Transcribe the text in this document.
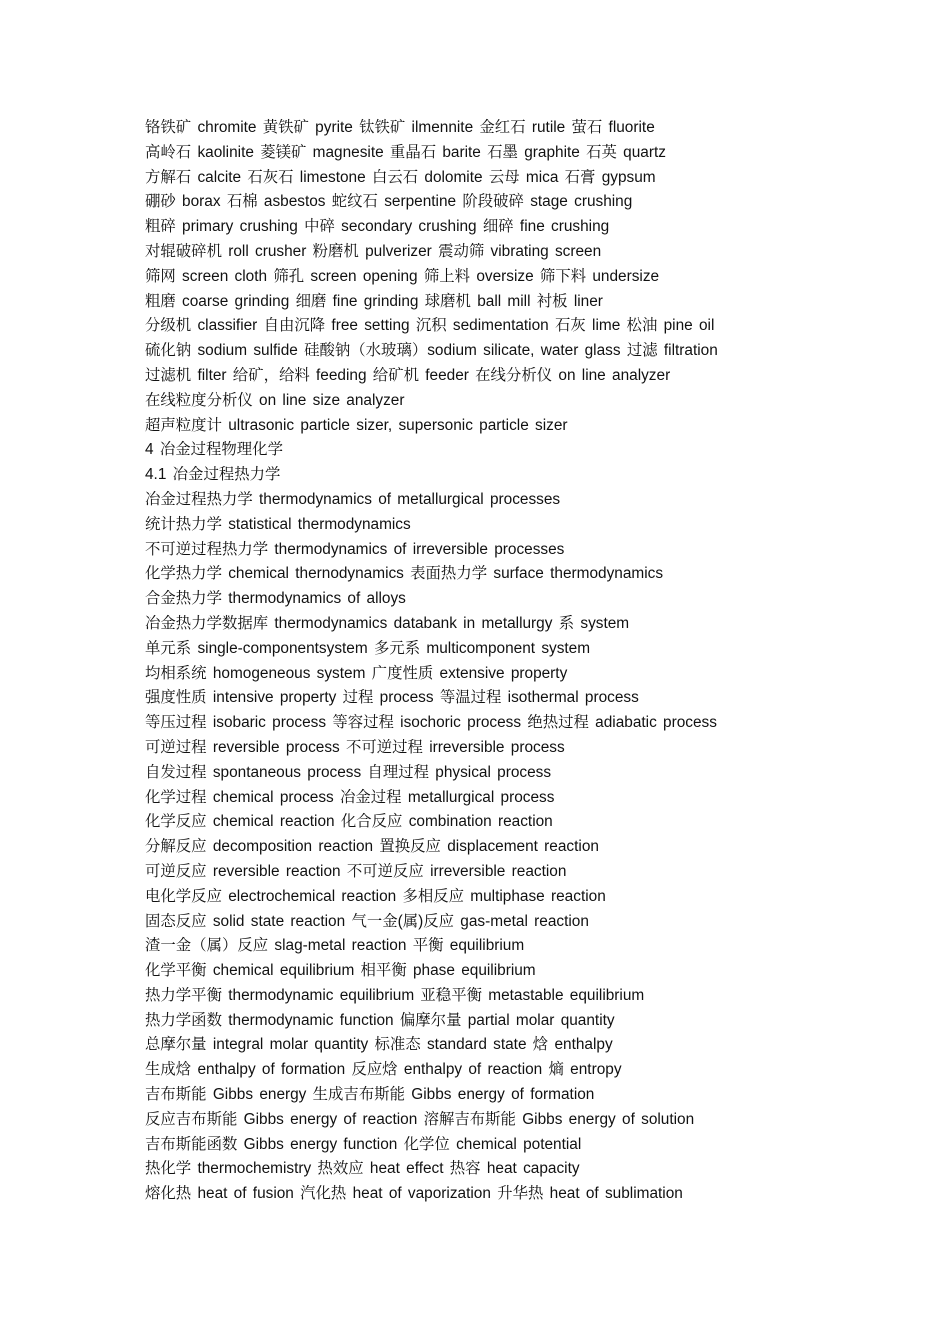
铬铁矿 chromite 黄铁矿 pyrite 钛铁矿 ilmennite 金红石 rutile 萤石 fluorite
高岭石 kaolinite 菱镁矿 magnesite 重晶石 barite 石墨 graphite 石英 quartz
方解石 calcite 石灰石 limestone 白云石 dolomite 云母 mica 石膏 gypsum
硼砂 borax 石棉 asbestos 蛇纹石 serpentine 阶段破碎 stage crushing
粗碎 primary crushing 中碎 secondary crushing 细碎 fine crushing
对辊破碎机 roll crusher 粉磨机 pulverizer 震动筛 vibrating screen
筛网 screen cloth 筛孔 screen opening 筛上料 oversize 筛下料 undersize
粗磨 coarse grinding 细磨 fine grinding 球磨机 ball mill 衬板 liner
分级机 classifier 自由沉降 free setting 沉积 sedimentation 石灰 lime 松油 pine oil
硫化钠 sodium sulfide 硅酸钠（水玻璃）sodium silicate, water glass 过滤 filtration
过滤机 filter 给矿，给料 feeding 给矿机 feeder 在线分析仪 on line analyzer
在线粒度分析仪 on line size analyzer
超声粒度计 ultrasonic particle sizer, supersonic particle sizer
4 冶金过程物理化学
4.1 冶金过程热力学
冶金过程热力学 thermodynamics of metallurgical processes
统计热力学 statistical thermodynamics
不可逆过程热力学 thermodynamics of irreversible processes
化学热力学 chemical thernodynamics 表面热力学 surface thermodynamics
合金热力学 thermodynamics of alloys
冶金热力学数据库 thermodynamics databank in metallurgy 系 system
单元系 single-componentsystem 多元系 multicomponent system
均相系统 homogeneous system 广度性质 extensive property
强度性质 intensive property 过程 process 等温过程 isothermal process
等压过程 isobaric process 等容过程 isochoric process 绝热过程 adiabatic process
可逆过程 reversible process 不可逆过程 irreversible process
自发过程 spontaneous process 自理过程 physical process
化学过程 chemical process 冶金过程 metallurgical process
化学反应 chemical reaction 化合反应 combination reaction
分解反应 decomposition reaction 置换反应 displacement reaction
可逆反应 reversible reaction 不可逆反应 irreversible reaction
电化学反应 electrochemical reaction 多相反应 multiphase reaction
固态反应 solid state reaction 气一金(属)反应 gas-metal reaction
渣一金（属）反应 slag-metal reaction 平衡 equilibrium
化学平衡 chemical equilibrium 相平衡 phase equilibrium
热力学平衡 thermodynamic equilibrium 亚稳平衡 metastable equilibrium
热力学函数 thermodynamic function 偏摩尔量 partial molar quantity
总摩尔量 integral molar quantity 标准态 standard state 焓 enthalpy
生成焓 enthalpy of formation 反应焓 enthalpy of reaction 熵 entropy
吉布斯能 Gibbs energy 生成吉布斯能 Gibbs energy of formation
反应吉布斯能 Gibbs energy of reaction 溶解吉布斯能 Gibbs energy of solution
吉布斯能函数 Gibbs energy function 化学位 chemical potential
热化学 thermochemistry 热效应 heat effect 热容 heat capacity
熔化热 heat of fusion 汽化热 heat of vaporization 升华热 heat of sublimation
